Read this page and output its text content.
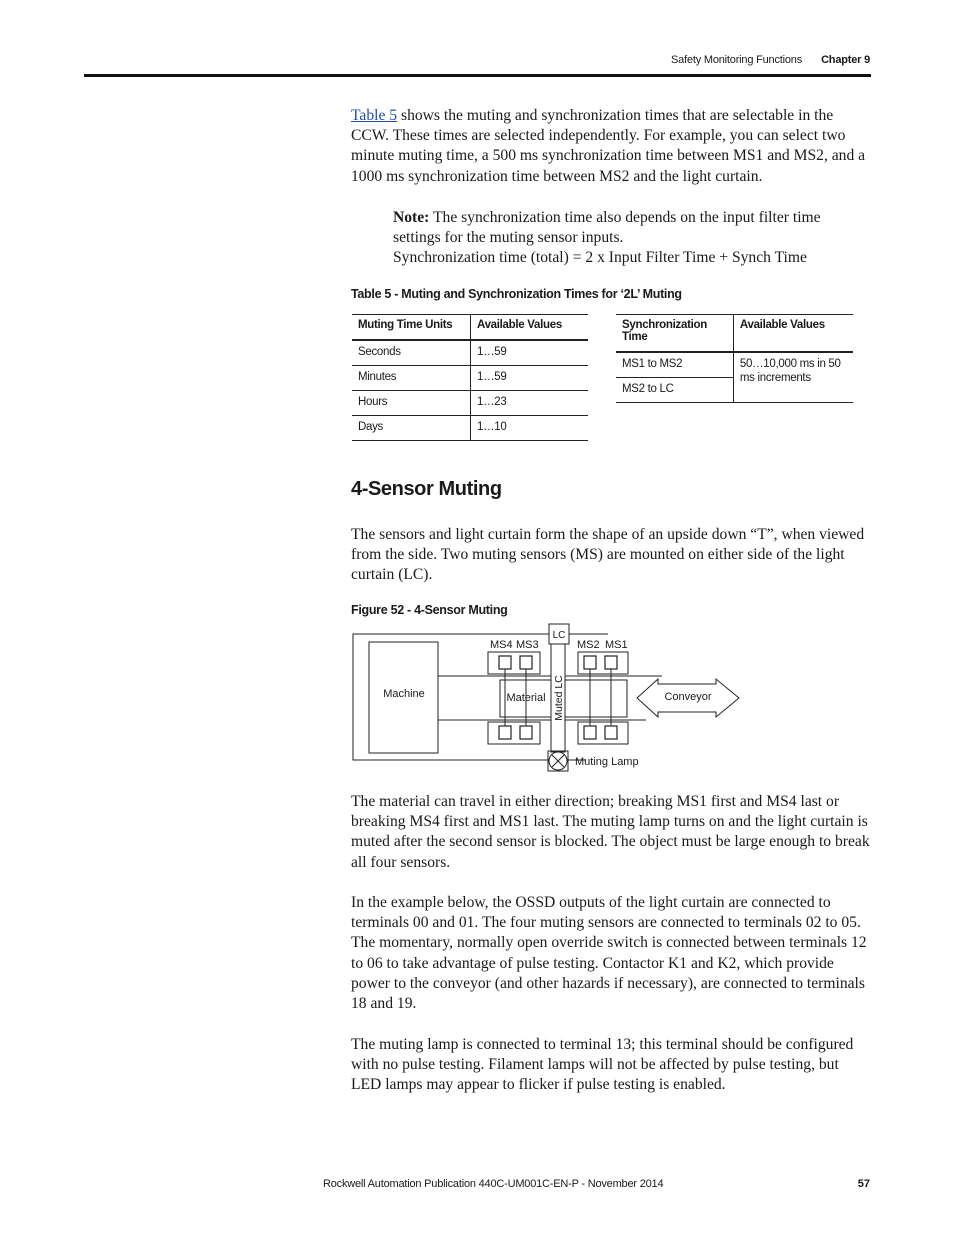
Safety Monitoring Functions Chapter 9

Table 5 shows the muting and synchronization times that are selectable in the CCW. These times are selected independently. For example, you can select two minute muting time, a 500 ms synchronization time between MS1 and MS2, and a 1000 ms synchronization time between MS2 and the light curtain.

Note: The synchronization time also depends on the input filter time settings for the muting sensor inputs.
Synchronization time (total) = 2 x Input Filter Time + Synch Time
Table 5 - Muting and Synchronization Times for ‘2L’ Muting
Muting Time Units	Available Values
Seconds	1…59
Minutes	1…59
Hours	1…23
Days	1…10
Synchronization Time	Available Values
MS1 to MS2	50…10,000 ms in 50 ms increments
MS2 to LC	
4-Sensor Muting

The sensors and light curtain form the shape of an upside down “T”, when viewed from the side. Two muting sensors (MS) are mounted on either side of the light curtain (LC).

Figure 52 - 4-Sensor Muting
Machine	Material
LC
Muted LC
Muting Lamp
MS4 MS3	MS2 MS1
Conveyor

The material can travel in either direction; breaking MS1 first and MS4 last or breaking MS4 first and MS1 last. The muting lamp turns on and the light curtain is muted after the second sensor is blocked. The object must be large enough to break all four sensors.

In the example below, the OSSD outputs of the light curtain are connected to terminals 00 and 01. The four muting sensors are connected to terminals 02 to 05. The momentary, normally open override switch is connected between terminals 12 to 06 to take advantage of pulse testing. Contactor K1 and K2, which provide power to the conveyor (and other hazards if necessary), are connected to terminals 18 and 19.

The muting lamp is connected to terminal 13; this terminal should be configured with no pulse testing. Filament lamps will not be affected by pulse testing, but LED lamps may appear to flicker if pulse testing is enabled.

Rockwell Automation Publication 440C-UM001C-EN-P - November 2014	57
